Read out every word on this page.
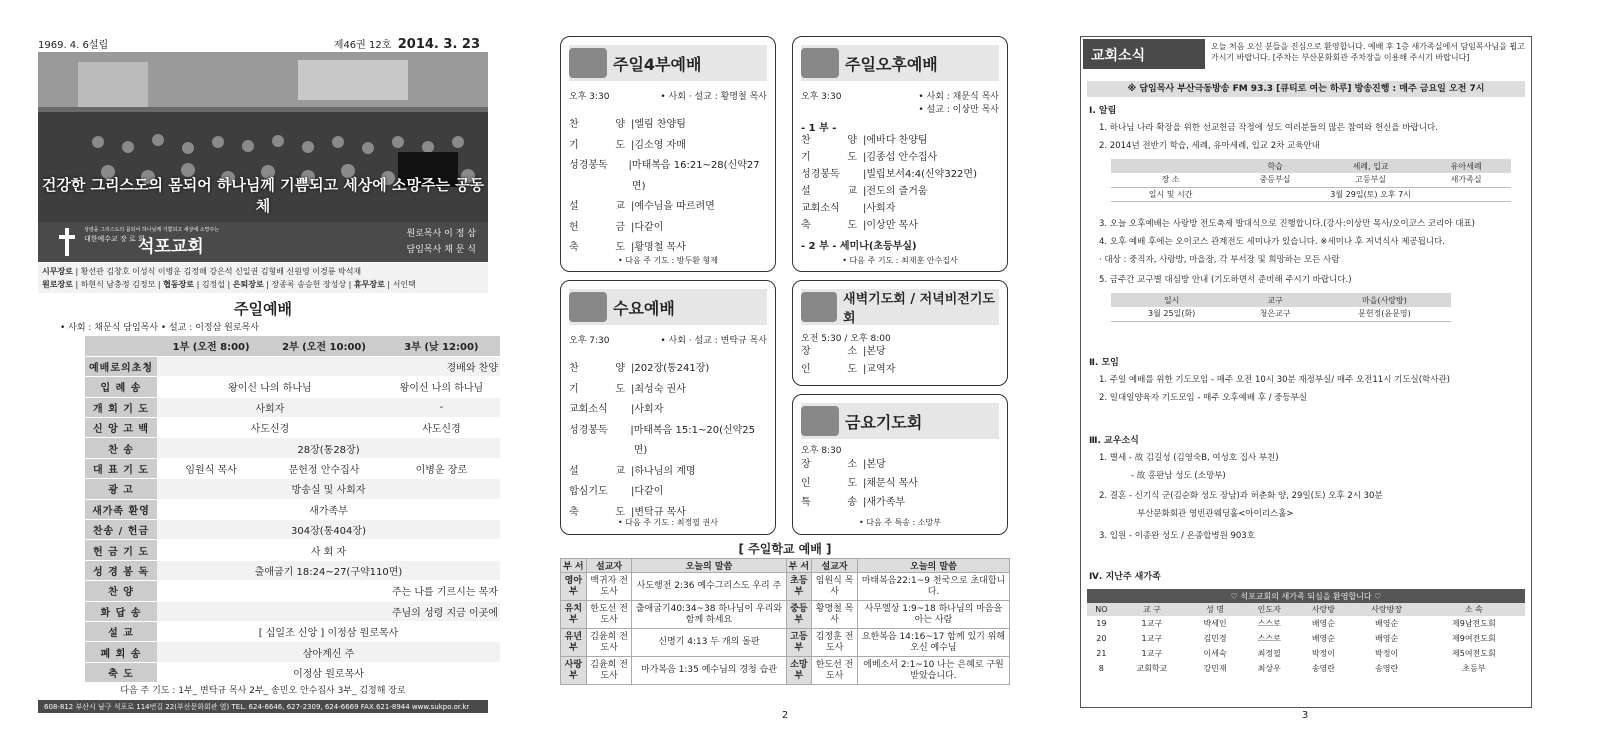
1969. 4. 6설립	제46권 12호 2014. 3. 23
건강한 그리스도의 몸되어 하나님께 기쁨되고 세상에 소망주는 공동체
성령을 그리스도의 몸되어 하나님께 기쁨되고 세상에 소망주는
대한예수교 장 로 회
석포교회
원로목사 이 정 삼
담임목사 채 문 식
시무장로 | 황선관 김창호 이성식 이병운 김정해 강은석 신일권 김형배 신원영 이경룡 박석재
원로장로 | 하현식 남충정 김정모 | 협동장로 | 김정섭 | 은퇴장로 | 장종록 송승헌 장성상 | 휴무장로 | 서인택
주일예배
• 사회 : 채문식 담임목사 • 설교 : 이정삼 원로목사
	1부 (오전 8:00)	2부 (오전 10:00)	3부 (낮 12:00)
예배로의초청		경배와 찬양	
입 례 송	왕이신 나의 하나님		왕이신 나의 하나님
개 회 기 도	사회자		-
신 앙 고 백	사도신경		사도신경
찬 송	28장(통28장)		
대 표 기 도	임원식 목사	문헌정 안수집사	이병운 장로
광 고	방송실 및 사회자		
새가족 환영	새가족부		
찬송 / 헌금	304장(통404장)		
헌 금 기 도	사 회 자		
성 경 봉 독	출애굽기 18:24~27(구약110면)		
찬 양		주는 나를 기르시는 목자	
화 답 송		주님의 성령 지금 이곳에	
설 교	[ 십일조 신앙 ] 이정삼 원로목사		
폐 회 송	삼아계신 주		
축 도	이정삼 원로목사		
다음 주 기도 : 1부_ 변탁규 목사 2부_ 송민오 안수집사 3부_ 김정해 장로
608-812 부산시 남구 석포로 114번길 22(부산문화회관 옆) TEL. 624-6646, 627-2309, 624-6669 FAX.621-8944 www.sukpo.or.kr
주일4부예배
오후 3:30	• 사회 · 설교 : 황명철 목사
찬 양 | 엘림 찬양팀
기 도 | 김소영 자매
성경봉독	| 마태복음 16:21~28(신약27면)
설 교 | 예수님을 따르려면
헌 금 | 다같이
축 도 | 황명철 목사
• 다음 주 기도 : 방두환 형제
주일오후예배
오후 3:30	• 사회 : 채문식 목사
• 설교 : 이상만 목사
- 1 부 -
찬 양 | 에바다 찬양팀
기 도 | 김종섭 안수집사
성경봉독	| 빌립보서4:4(신약322면)
설 교 | 전도의 즐거움
교회소식	| 사회자
축 도 | 이상만 목사
- 2 부 - 세미나(초등부실)
• 다음 주 기도 : 최재훈 안수집사
수요예배
오후 7:30	• 사회 · 설교 : 변탁규 목사
찬 양 | 202장(통241장)
기 도 | 최성숙 권사
교회소식	| 사회자
성경봉독	| 마태복음 15:1~20(신약25면)
설 교 | 하나님의 계명
합심기도	| 다같이
축 도 | 변탁규 목사
• 다음 주 기도 : 최정필 권사
새벽기도회 / 저녁비전기도회
오전 5:30 / 오후 8:00
장 소 | 본당
인 도 | 교역자
금요기도회
오후 8:30
장 소 | 본당
인 도 | 채문식 목사
특 송 | 새가족부
• 다음 주 특송 : 소망부
[ 주일학교 예배 ]
부 서	설교자	오늘의 말씀	부 서	설교자	오늘의 말씀
영아부	백귀자 전도사	사도행전 2:36 예수그리스도 우리 주	초등부	임원식 목사	마태복음22:1~9 천국으로 초대합니다.
유치부	한도선 전도사	출애굽기40:34~38 하나님이 우리와 함께 하세요	중등부	황명철 목사	사무엘상 1:9~18 하나님의 마음을 아는 사람
유년부	김윤희 전도사	신명기 4:13 두 개의 돌판	고등부	김정훈 전도사	요한복음 14:16~17 함께 있기 위해 오신 예수님
사랑부	김윤희 전도사	마가복음 1:35 예수님의 경청 습관	소망부	한도선 전도사	에베소서 2:1~10 나는 은혜로 구원 받았습니다.
2
교회소식
오늘 처음 오신 분들을 진심으로 환영합니다. 예배 후 1층 새가족실에서 담임목사님을 뵙고 가시기 바랍니다. [주차는 부산문화회관 주차장을 이용해 주시기 바랍니다]
※ 담임목사 부산극동방송 FM 93.3 [큐티로 여는 하루] 방송진행 : 매주 금요일 오전 7시
Ⅰ. 알림
1. 하나님 나라 확장을 위한 선교헌금 작정에 성도 여러분들의 많은 참여와 헌신을 바랍니다.
2. 2014년 전반기 학습, 세례, 유아세례, 입교 2차 교육안내
	학습	세례, 입교	유아세례
장 소	중등부실	고등부실	새가족실
일시 및 시간	3월 29일(토) 오후 7시		
3. 오늘 오후예배는 사랑방 전도축제 발대식으로 진행합니다.(강사:이상만 목사/오이코스 코리아 대표)
4. 오후 예배 후에는 오이코스 관계전도 세미나가 있습니다. ※세미나 후 저녁식사 제공됩니다.
· 대상 : 중직자, 사랑방, 마을장, 각 부서장 및 희망하는 모든 사람
5. 금주간 교구별 대심방 안내 (기도하면서 준비해 주시기 바랍니다.)
일시	교구	마을(사랑방)
3월 25일(화)	청은교구	문헌정(윤문영)
Ⅱ. 모임
1. 주일 예배를 위한 기도모임 - 매주 오전 10시 30분 재정부실/ 매주 오전11시 기도실(학사관)
2. 일대일양육자 기도모임 - 매주 오후예배 후 / 중등부실
Ⅲ. 교우소식
1. 별세 - 故 김길성 (김영숙B, 여성호 집사 부친)
- 故 홍판남 성도 (소망부)
2. 결혼 - 신기식 군(김순화 성도 장남)과 허춘화 양, 29일(토) 오후 2시 30분
부산문화회관 영빈관웨딩홀<아이리스홀>
3. 입원 - 이종완 성도 / 온종합병원 903호
Ⅳ. 지난주 새가족
♡ 석포교회의 새가족 되심을 환영합니다 ♡						
NO	교 구	성 명	인도자	사랑방	사랑방장	소 속
19	1교구	박세인	스스로	배영순	배영순	제9남전도회
20	1교구	김민경	스스로	배영순	배영순	제9여전도회
21	1교구	이세숙	최정필	박정이	박정이	제5여전도회
8	교회학교	강민재	최상우	송영란	송영란	초등부
3
